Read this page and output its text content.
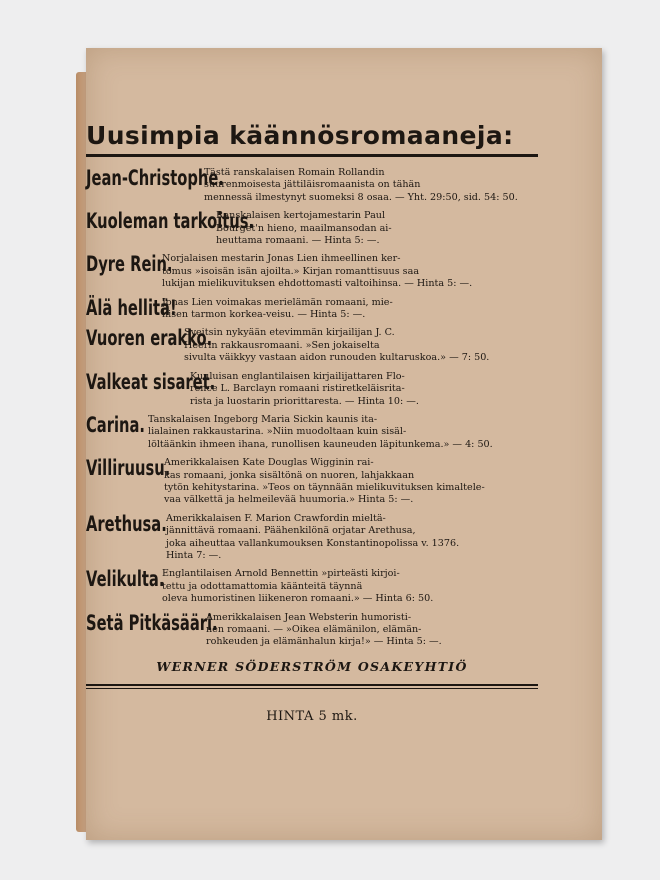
Uusimpia käännösromaaneja:
Jean-Christophe.
Tästä ranskalaisen Romain Rollandin
suurenmoisesta jättiläisromaanista on tähän
mennessä ilmestynyt suomeksi 8 osaa. — Yht. 29:50, sid. 54: 50.
Kuoleman tarkoitus.
Ranskalaisen kertojamestarin Paul
Bourget'n hieno, maailmansodan ai-
heuttama romaani. — Hinta 5: —.
Dyre Rein.
Norjalaisen mestarin Jonas Lien ihmeellinen ker-
tomus »isoisän isän ajoilta.» Kirjan romanttisuus saa
lukijan mielikuvituksen ehdottomasti valtoihinsa. — Hinta 5: —.
Älä hellitä!
Jonas Lien voimakas merielämän romaani, mie-
hisen tarmon korkea-veisu. — Hinta 5: —.
Vuoren erakko.
Sveitsin nykyään etevimmän kirjailijan J. C.
Heerin rakkausromaani. »Sen jokaiselta
sivulta väikkyy vastaan aidon runouden kultaruskoa.» — 7: 50.
Valkeat sisaret.
Kuuluisan englantilaisen kirjailijattaren Flo-
rence L. Barclayn romaani ristiretkeläisrita-
rista ja luostarin priorittaresta. — Hinta 10: —.
Carina. Tanskalaisen Ingeborg Maria Sickin kaunis ita-
lialainen rakkaustarina. »Niin muodoltaan kuin sisäl-
löltäänkin ihmeen ihana, runollisen kauneuden läpitunkema.» — 4: 50.
Villiruusu.
Amerikkalaisen Kate Douglas Wigginin rai-
kas romaani, jonka sisältönä on nuoren, lahjakkaan
tytön kehitystarina. »Teos on täynnään mielikuvituksen kimaltele-
vaa välkettä ja helmeilevää huumoria.» Hinta 5: —.
Arethusa. Amerikkalaisen F. Marion Crawfordin mieltä-
jännittävä romaani. Päähenkilönä orjatar Arethusa,
joka aiheuttaa vallankumouksen Konstantinopolissa v. 1376.
Hinta 7: —.
Velikulta.
Englantilaisen Arnold Bennettin »pirteästi kirjoi-
tettu ja odottamattomia käänteitä täynnä
oleva humoristinen liikeneron romaani.» — Hinta 6: 50.
Setä Pitkäsääri.
Amerikkalaisen Jean Websterin humoristi-
nen romaani. — »Oikea elämänilon, elämän-
rohkeuden ja elämänhalun kirja!» — Hinta 5: —.
WERNER SÖDERSTRÖM OSAKEYHTIÖ
HINTA 5 mk.
